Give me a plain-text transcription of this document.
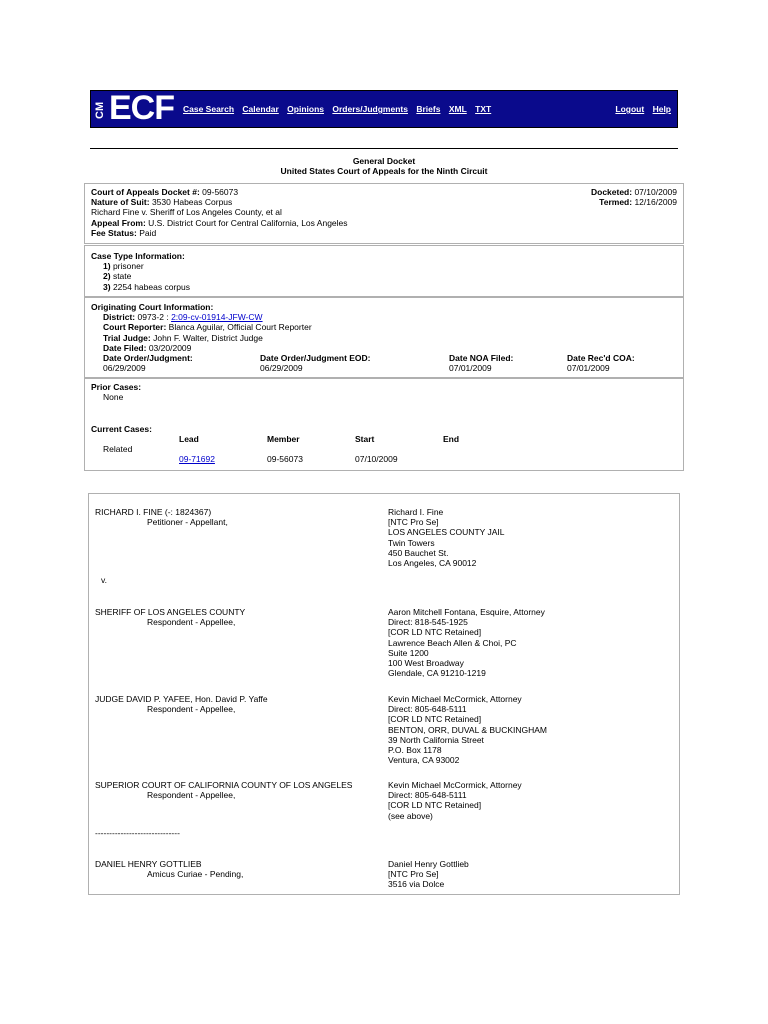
CM ECF Case Search Calendar Opinions Orders/Judgments Briefs XML TXT	Logout Help
General Docket
United States Court of Appeals for the Ninth Circuit
Docketed: 07/10/2009
Termed: 12/16/2009
Court of Appeals Docket #: 09-56073
Nature of Suit: 3530 Habeas Corpus
Richard Fine v. Sheriff of Los Angeles County, et al
Appeal From: U.S. District Court for Central California, Los Angeles
Fee Status: Paid
Case Type Information:
1) prisoner
2) state
3) 2254 habeas corpus
Originating Court Information:
District: 0973-2 : 2:09-cv-01914-JFW-CW
Court Reporter: Blanca Aguilar, Official Court Reporter
Trial Judge: John F. Walter, District Judge
Date Filed: 03/20/2009
Date Order/Judgment:
06/29/2009
Date Order/Judgment EOD:
06/29/2009
Date NOA Filed:
07/01/2009
Date Rec'd COA:
07/01/2009
Prior Cases:
None
Current Cases:
Lead	Member	Start	End
Related
09-71692	09-56073	07/10/2009
RICHARD I. FINE (-: 1824367)
Petitioner - Appellant,
Richard I. Fine
[NTC Pro Se]
LOS ANGELES COUNTY JAIL
Twin Towers
450 Bauchet St.
Los Angeles, CA 90012
v.
SHERIFF OF LOS ANGELES COUNTY
Respondent - Appellee,
Aaron Mitchell Fontana, Esquire, Attorney
Direct: 818-545-1925
[COR LD NTC Retained]
Lawrence Beach Allen & Choi, PC
Suite 1200
100 West Broadway
Glendale, CA 91210-1219
JUDGE DAVID P. YAFEE, Hon. David P. Yaffe
Respondent - Appellee,
Kevin Michael McCormick, Attorney
Direct: 805-648-5111
[COR LD NTC Retained]
BENTON, ORR, DUVAL & BUCKINGHAM
39 North California Street
P.O. Box 1178
Ventura, CA 93002
SUPERIOR COURT OF CALIFORNIA COUNTY OF LOS ANGELES
Respondent - Appellee,
Kevin Michael McCormick, Attorney
Direct: 805-648-5111
[COR LD NTC Retained]
(see above)
------------------------------
DANIEL HENRY GOTTLIEB
Amicus Curiae - Pending,
Daniel Henry Gottlieb
[NTC Pro Se]
3516 via Dolce
